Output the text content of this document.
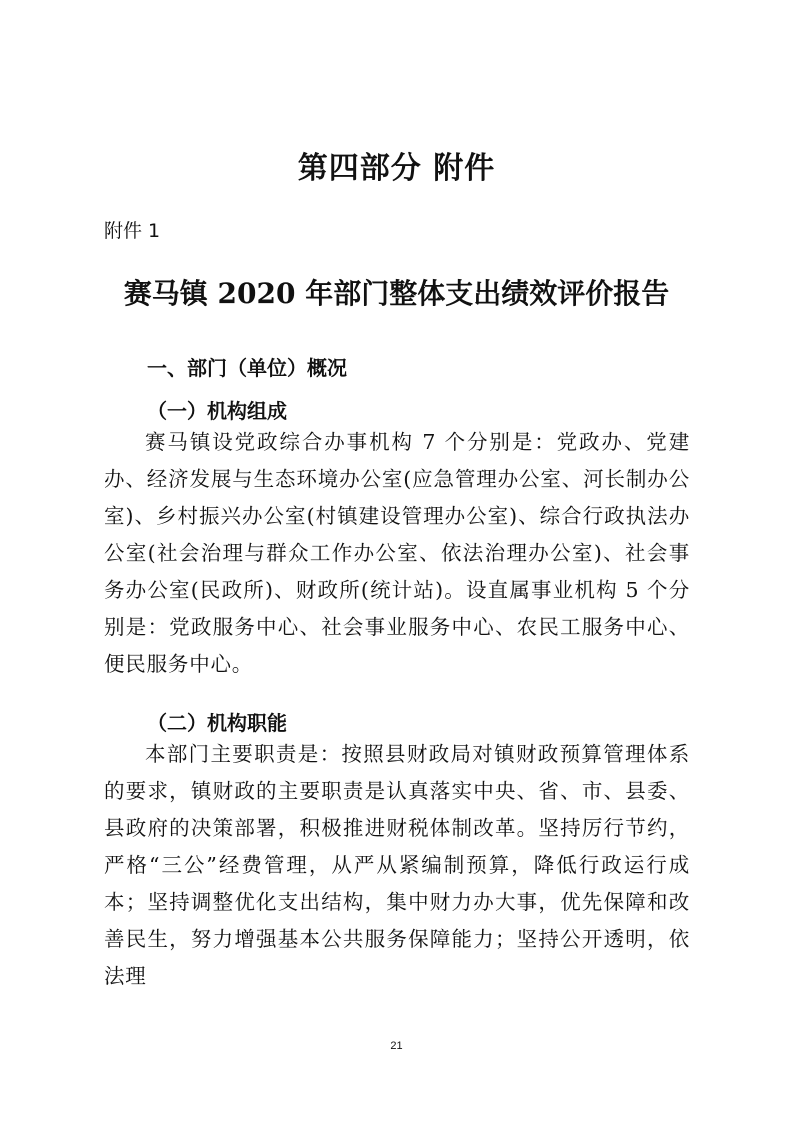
第四部分 附件
附件 1
赛马镇 2020 年部门整体支出绩效评价报告
一、部门（单位）概况
（一）机构组成

赛马镇设党政综合办事机构 7 个分别是：党政办、党建办、经济发展与生态环境办公室(应急管理办公室、河长制办公室)、乡村振兴办公室(村镇建设管理办公室)、综合行政执法办公室(社会治理与群众工作办公室、依法治理办公室)、社会事务办公室(民政所)、财政所(统计站)。设直属事业机构 5 个分别是：党政服务中心、社会事业服务中心、农民工服务中心、便民服务中心。

（二）机构职能

本部门主要职责是：按照县财政局对镇财政预算管理体系的要求，镇财政的主要职责是认真落实中央、省、市、县委、县政府的决策部署，积极推进财税体制改革。坚持厉行节约，严格“三公”经费管理，从严从紧编制预算，降低行政运行成本；坚持调整优化支出结构，集中财力办大事，优先保障和改善民生，努力增强基本公共服务保障能力；坚持公开透明，依法理

21
